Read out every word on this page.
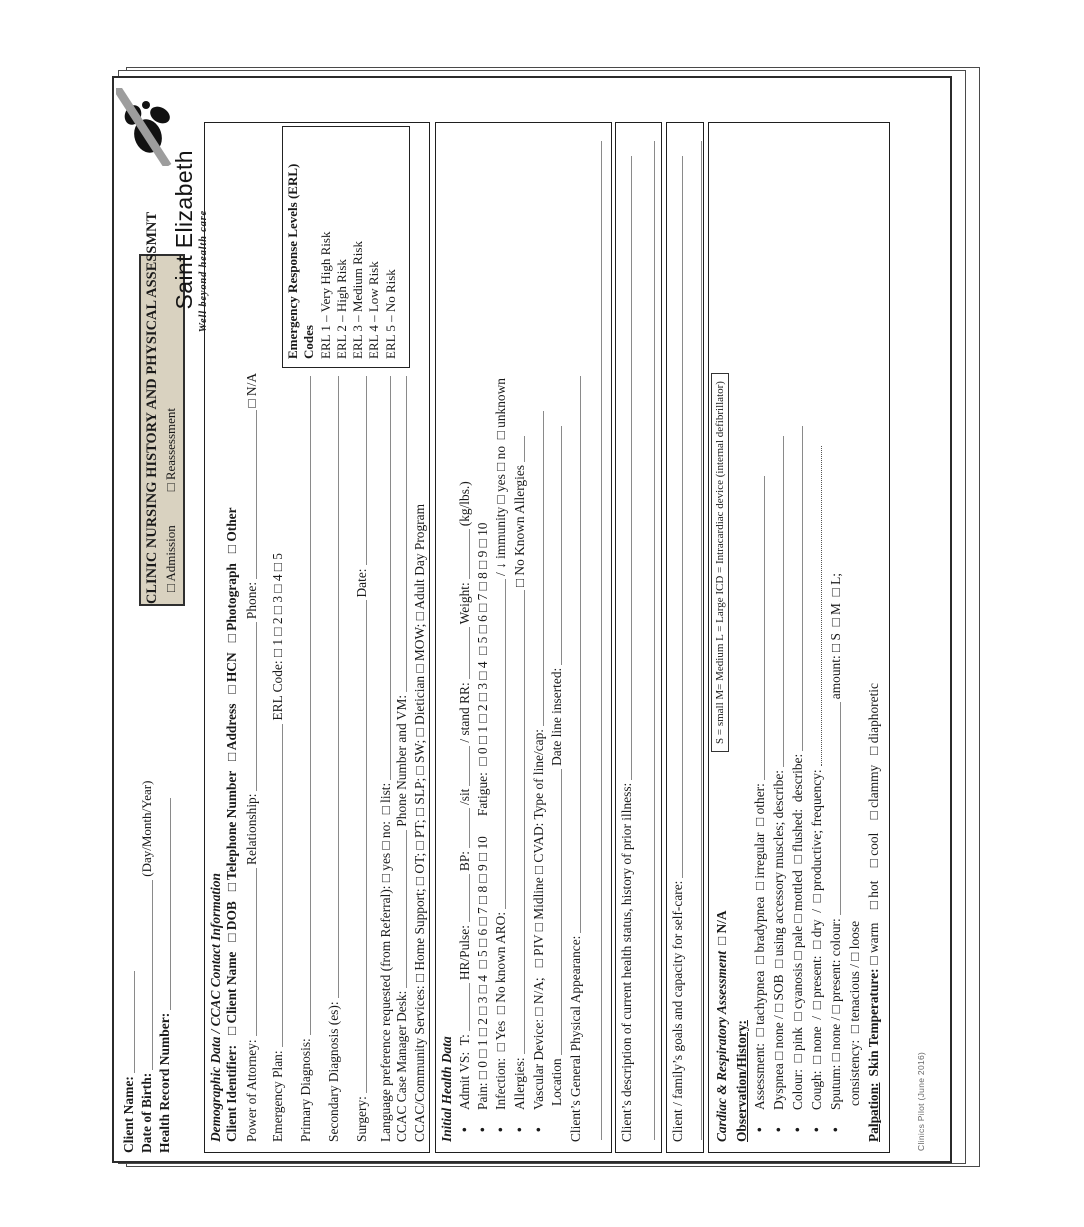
Client Name: Date of Birth:
(Day/Month/Year)
Health Record Number:
CLINIC NURSING HISTORY AND PHYSICAL ASSESSMNT □ Admission
□ Reassessment
Saint Elizabeth Well beyond health care
Demographic Data / CCAC Contact Information Client Identifier:   □ Client Name   □ DOB   □ Telephone Number   □ Address   □ HCN   □ Photograph   □ Other Power of Attorney:
Relationship:
Phone:
□ N/A
Emergency Plan:
ERL Code: □ 1 □ 2 □ 3 □ 4 □ 5
Primary Diagnosis: Secondary Diagnosis (es): Surgery:
Date:
Language preference requested (from Referral): □ yes □ no:  □ list: CCAC Case Manager Desk:
Phone Number and VM: CCAC/Community Services: □ Home Support; □ OT; □ PT; □ SLP; □ SW; □ Dietician □ MOW; □ Adult Day Program
Emergency Response Levels (ERL) Codes ERL 1 – Very High Risk ERL 2 – High Risk ERL 3 – Medium Risk ERL 4 – Low Risk ERL 5 – No Risk
Initial Health Data •
Admit VS:  T:
HR/Pulse:
BP:
/sit
/ stand RR:
Weight:
(kg/lbs.)
•
Pain: □ 0 □ 1 □ 2 □ 3 □ 4  □ 5 □ 6 □ 7 □ 8 □ 9 □ 10      Fatigue:  □ 0 □ 1 □ 2 □ 3 □ 4  □ 5 □ 6 □ 7 □ 8 □ 9 □ 10
•
Infection:  □ Yes  □ No known ARO:
/ ↓ immunity □ yes □ no  □ unknown
•
Allergies:
□ No Known Allergies
•
Vascular Device: □ N/A;   □ PIV □ Midline □ CVAD: Type of line/cap: Location
Date line inserted:
Client’s General Physical Appearance:	Client’s description of current health status, history of prior illness:	Client / family’s goals and capacity for self-care: Cardiac & Respiratory Assessment
□ N/A
S = small M= Medium L = Large ICD = Intracardiac device (internal defibrillator)
Observation/History: •
Assessment:  □ tachypnea  □ bradypnea  □ irregular  □ other:
•
Dyspnea □ none / □ SOB  □ using accessory muscles; describe:
•
Colour:  □ pink  □ cyanosis □ pale □ mottled  □ flushed:  describe:
•
Cough:  □ none  /  □ present:  □ dry  /  □ productive; frequency:
•
Sputum: □ none / □ present: colour:
amount: □ S  □ M  □ L;
consistency:  □ tenacious / □ loose
Palpation:
Skin Temperature:
□ warm    □ hot    □ cool    □ clammy   □ diaphoretic
Clinics Pilot (June 2016)
